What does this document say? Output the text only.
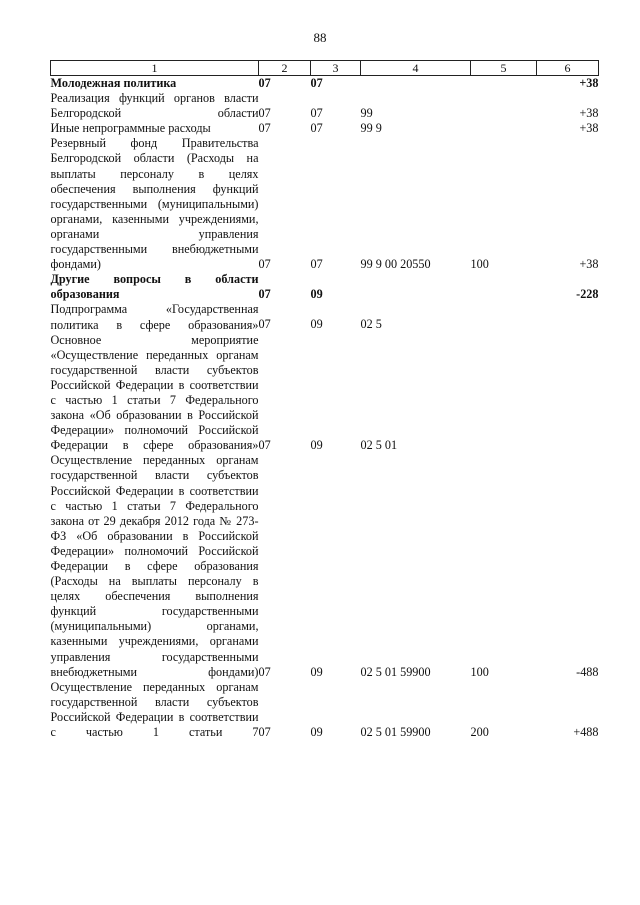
88
1	2	3	4	5	6
Молодежная политика	07	07			+38
Реализация функций органов власти Белгородской области	07	07	99		+38
Иные непрограммные расходы	07	07	99 9		+38
Резервный фонд Правительства Белгородской области (Расходы на выплаты персоналу в целях обеспечения выполнения функций государственными (муниципальными) органами, казенными учреждениями, органами управления государственными внебюджетными фондами)	07	07	99 9 00 20550	100	+38
Другие вопросы в области образования	07	09			-228
Подпрограмма «Государственная политика в сфере образования»	07	09	02 5		
Основное мероприятие «Осуществление переданных органам государственной власти субъектов Российской Федерации в соответствии с частью 1 статьи 7 Федерального закона «Об образовании в Российской Федерации» полномочий Российской Федерации в сфере образования»	07	09	02 5 01		
Осуществление переданных органам государственной власти субъектов Российской Федерации в соответствии с частью 1 статьи 7 Федерального закона от 29 декабря 2012 года № 273-ФЗ «Об образовании в Российской Федерации» полномочий Российской Федерации в сфере образования (Расходы на выплаты персоналу в целях обеспечения выполнения функций государственными (муниципальными) органами, казенными учреждениями, органами управления государственными внебюджетными фондами)	07	09	02 5 01 59900	100	-488
Осуществление переданных органам государственной власти субъектов Российской Федерации в соответствии с частью 1 статьи 7	07	09	02 5 01 59900	200	+488
